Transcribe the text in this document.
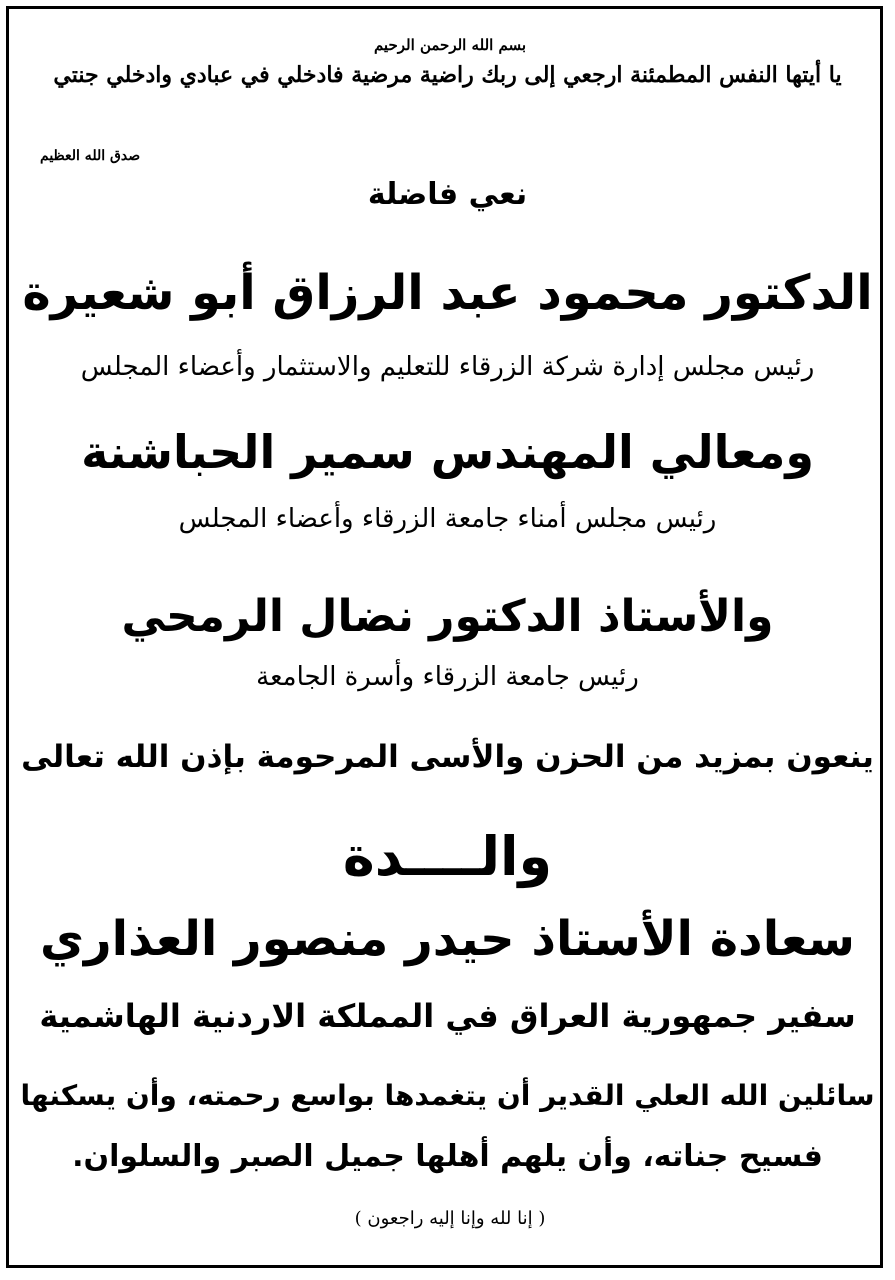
بسم الله الرحمن الرحيم
يا أيتها النفس المطمئنة ارجعي إلى ربك راضية مرضية فادخلي في عبادي وادخلي جنتي
صدق الله العظيم
نعي فاضلة
الدكتور محمود عبد الرزاق أبو شعيرة
رئيس مجلس إدارة شركة الزرقاء للتعليم والاستثمار وأعضاء المجلس
ومعالي المهندس سمير الحباشنة
رئيس مجلس أمناء جامعة الزرقاء وأعضاء المجلس
والأستاذ الدكتور نضال الرمحي
رئيس جامعة الزرقاء وأسرة الجامعة
ينعون بمزيد من الحزن والأسى المرحومة بإذن الله تعالى
والــــدة
سعادة الأستاذ حيدر منصور العذاري
سفير جمهورية العراق في المملكة الاردنية الهاشمية
سائلين الله العلي القدير أن يتغمدها بواسع رحمته، وأن يسكنها
فسيح جناته، وأن يلهم أهلها جميل الصبر والسلوان.
( إنا لله وإنا إليه راجعون )
